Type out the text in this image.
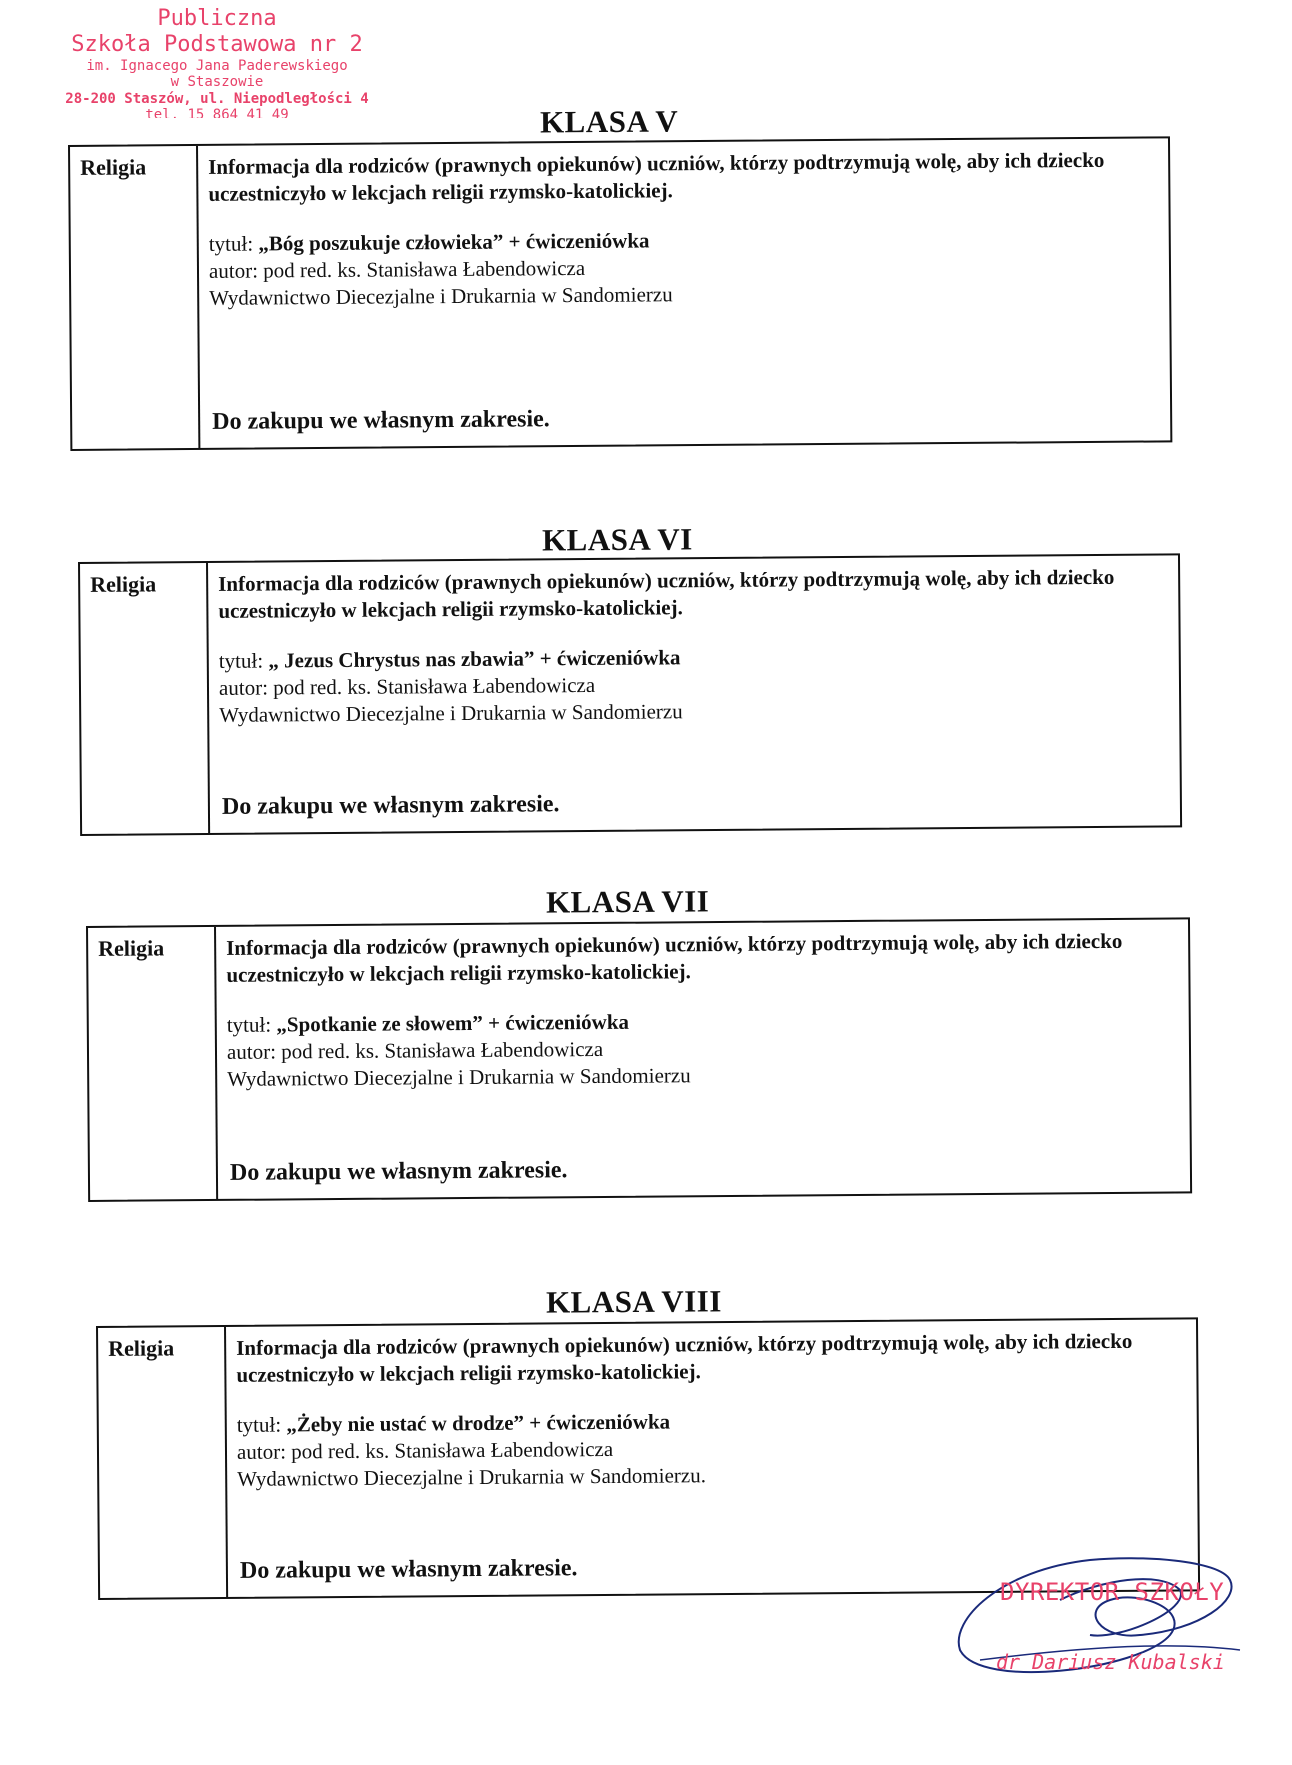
Publiczna
Szkoła Podstawowa nr 2
im. Ignacego Jana Paderewskiego
w Staszowie
28-200 Staszów, ul. Niepodległości 4
tel. 15 864 41 49	KLASA V
Religia	Informacja dla rodziców (prawnych opiekunów) uczniów, którzy podtrzymują wolę, aby ich dziecko uczestniczyło w lekcjach religii rzymsko-katolickiej.

tytuł: „Bóg poszukuje człowieka” + ćwiczeniówka
autor: pod red. ks. Stanisława Łabendowicza
Wydawnictwo Diecezjalne i Drukarnia w Sandomierzu
Do zakupu we własnym zakresie.
KLASA VI
Religia	Informacja dla rodziców (prawnych opiekunów) uczniów, którzy podtrzymują wolę, aby ich dziecko uczestniczyło w lekcjach religii rzymsko-katolickiej.

tytuł: „ Jezus Chrystus nas zbawia” + ćwiczeniówka
autor: pod red. ks. Stanisława Łabendowicza
Wydawnictwo Diecezjalne i Drukarnia w Sandomierzu
Do zakupu we własnym zakresie.
KLASA VII
Religia	Informacja dla rodziców (prawnych opiekunów) uczniów, którzy podtrzymują wolę, aby ich dziecko uczestniczyło w lekcjach religii rzymsko-katolickiej.

tytuł: „Spotkanie ze słowem” + ćwiczeniówka
autor: pod red. ks. Stanisława Łabendowicza
Wydawnictwo Diecezjalne i Drukarnia w Sandomierzu
Do zakupu we własnym zakresie.
KLASA VIII
Religia	Informacja dla rodziców (prawnych opiekunów) uczniów, którzy podtrzymują wolę, aby ich dziecko uczestniczyło w lekcjach religii rzymsko-katolickiej.

tytuł: „Żeby nie ustać w drodze” + ćwiczeniówka
autor: pod red. ks. Stanisława Łabendowicza
Wydawnictwo Diecezjalne i Drukarnia w Sandomierzu.
Do zakupu we własnym zakresie.
DYREKTOR SZKOŁY
dr Dariusz Kubalski
